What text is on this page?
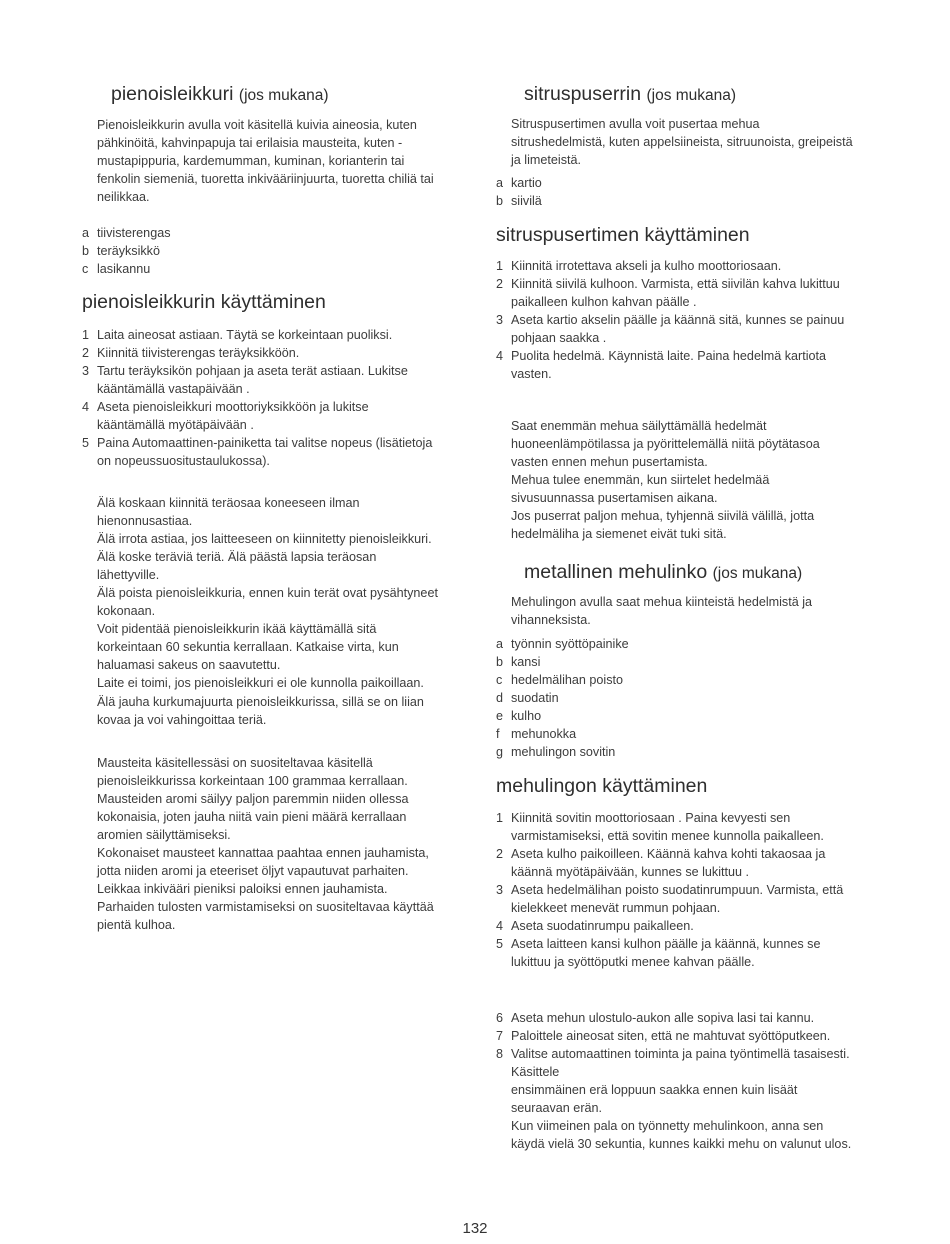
pienoisleikkuri (jos mukana)
Pienoisleikkurin avulla voit käsitellä kuivia aineosia, kuten
pähkinöitä, kahvinpapuja tai erilaisia mausteita, kuten -
mustapippuria, kardemumman, kuminan, korianterin tai
fenkolin siemeniä, tuoretta inkivääriinjuurta, tuoretta chiliä tai
neilikkaa.
a tiivisterengas
b teräyksikkö
c lasikannu
pienoisleikkurin käyttäminen
1 Laita aineosat astiaan. Täytä se korkeintaan puoliksi.
2 Kiinnitä tiivisterengas teräyksikköön.
3 Tartu teräyksikön pohjaan ja aseta terät astiaan. Lukitse
kääntämällä vastapäivään .
4 Aseta pienoisleikkuri moottoriyksikköön ja lukitse
kääntämällä myötäpäivään .
5 Paina Automaattinen-painiketta tai valitse nopeus (lisätietoja
on nopeussuositustaulukossa).
Älä koskaan kiinnitä teräosaa koneeseen ilman
hienonnusastiaa.
Älä irrota astiaa, jos laitteeseen on kiinnitetty pienoisleikkuri.
Älä koske teräviä teriä. Älä päästä lapsia teräosan
lähettyville.
Älä poista pienoisleikkuria, ennen kuin terät ovat pysähtyneet
kokonaan.
Voit pidentää pienoisleikkurin ikää käyttämällä sitä
korkeintaan 60 sekuntia kerrallaan. Katkaise virta, kun
haluamasi sakeus on saavutettu.
Laite ei toimi, jos pienoisleikkuri ei ole kunnolla paikoillaan.
Älä jauha kurkumajuurta pienoisleikkurissa, sillä se on liian
kovaa ja voi vahingoittaa teriä.
Mausteita käsitellessäsi on suositeltavaa käsitellä
pienoisleikkurissa korkeintaan 100 grammaa kerrallaan.
Mausteiden aromi säilyy paljon paremmin niiden ollessa
kokonaisia, joten jauha niitä vain pieni määrä kerrallaan
aromien säilyttämiseksi.
Kokonaiset mausteet kannattaa paahtaa ennen jauhamista,
jotta niiden aromi ja eteeriset öljyt vapautuvat parhaiten.
Leikkaa inkivääri pieniksi paloiksi ennen jauhamista.
Parhaiden tulosten varmistamiseksi on suositeltavaa käyttää
pientä kulhoa.
sitruspuserrin (jos mukana)
Sitruspusertimen avulla voit pusertaa mehua
sitrushedelmistä, kuten appelsiineista, sitruunoista, greipeistä
ja limeteistä.
a kartio
b siivilä
sitruspusertimen käyttäminen
1 Kiinnitä irrotettava akseli ja kulho moottoriosaan.
2 Kiinnitä siivilä kulhoon. Varmista, että siivilän kahva lukittuu
paikalleen kulhon kahvan päälle .
3 Aseta kartio akselin päälle ja käännä sitä, kunnes se painuu
pohjaan saakka .
4 Puolita hedelmä. Käynnistä laite. Paina hedelmä kartiota
vasten.
Saat enemmän mehua säilyttämällä hedelmät
huoneenlämpötilassa ja pyörittelemällä niitä pöytätasoa
vasten ennen mehun pusertamista.
Mehua tulee enemmän, kun siirtelet hedelmää
sivusuunnassa pusertamisen aikana.
Jos puserrat paljon mehua, tyhjennä siivilä välillä, jotta
hedelmäliha ja siemenet eivät tuki sitä.
metallinen mehulinko (jos mukana)
Mehulingon avulla saat mehua kiinteistä hedelmistä ja
vihanneksista.
a työnnin syöttöpainike
b kansi
c hedelmälihan poisto
d suodatin
e kulho
f mehunokka
g mehulingon sovitin
mehulingon käyttäminen
1 Kiinnitä sovitin moottoriosaan . Paina kevyesti sen
varmistamiseksi, että sovitin menee kunnolla paikalleen.
2 Aseta kulho paikoilleen. Käännä kahva kohti takaosaa ja
käännä myötäpäivään, kunnes se lukittuu .
3 Aseta hedelmälihan poisto suodatinrumpuun. Varmista, että
kielekkeet menevät rummun pohjaan.
4 Aseta suodatinrumpu paikalleen.
5 Aseta laitteen kansi kulhon päälle ja käännä, kunnes se
lukittuu ja syöttöputki menee kahvan päälle.
6 Aseta mehun ulostulo-aukon alle sopiva lasi tai kannu.
7 Paloittele aineosat siten, että ne mahtuvat syöttöputkeen.
8 Valitse automaattinen toiminta ja paina työntimellä tasaisesti.
Käsittele
ensimmäinen erä loppuun saakka ennen kuin lisäät
seuraavan erän.
Kun viimeinen pala on työnnetty mehulinkoon, anna sen
käydä vielä 30 sekuntia, kunnes kaikki mehu on valunut ulos.
132
